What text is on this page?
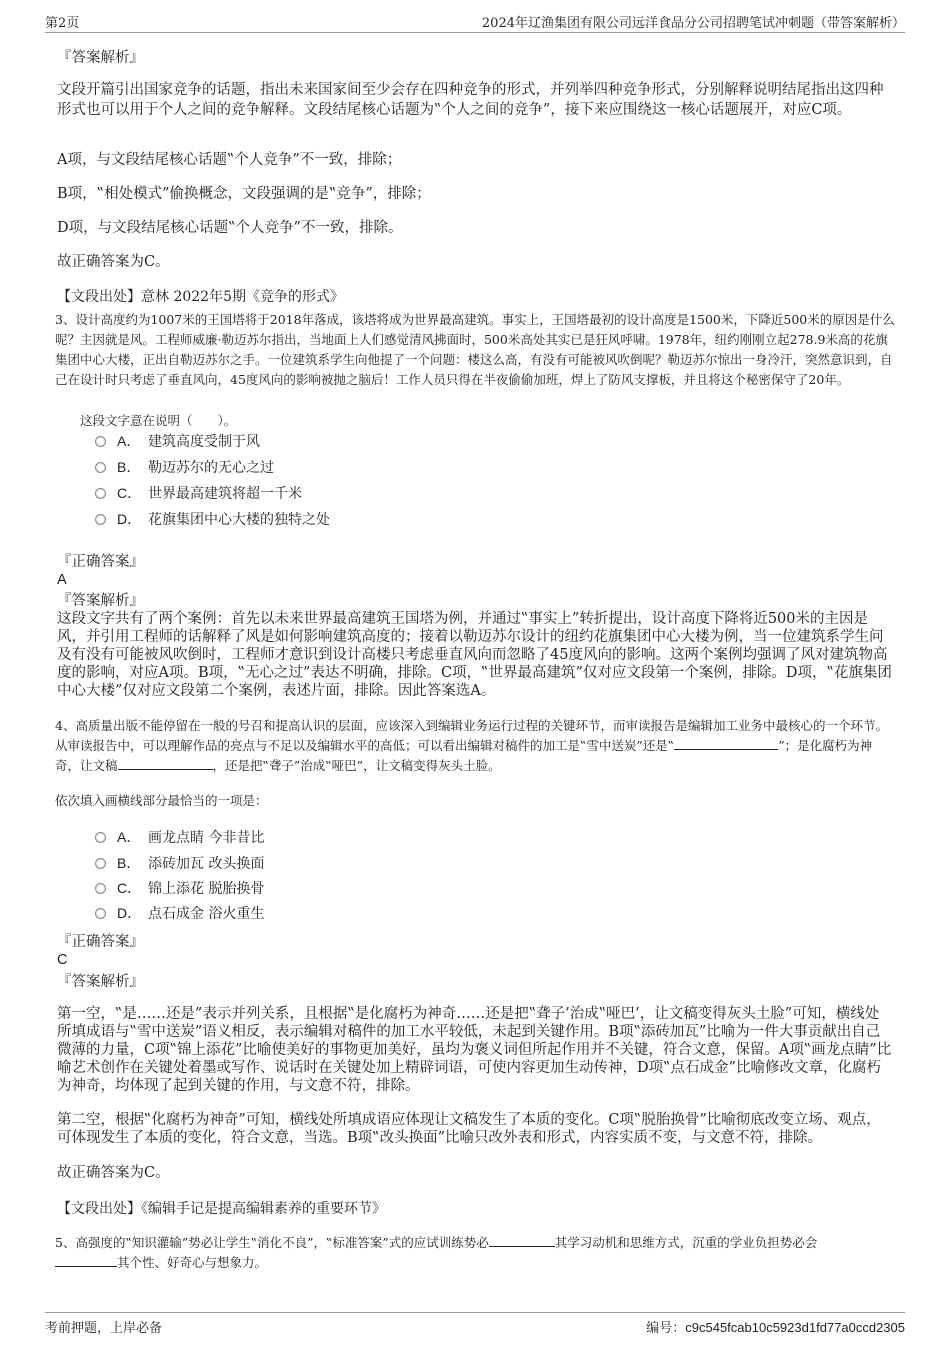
第2页	2024年辽渔集团有限公司远洋食品分公司招聘笔试冲刺题（带答案解析）
『答案解析』
文段开篇引出国家竞争的话题，指出未来国家间至少会存在四种竞争的形式，并列举四种竞争形式，分别解释说明结尾指出这四种形式也可以用于个人之间的竞争解释。文段结尾核心话题为‟个人之间的竞争”，接下来应围绕这一核心话题展开，对应C项。
A项，与文段结尾核心话题‟个人竞争”不一致，排除；
B项，‟相处模式”偷换概念，文段强调的是‟竞争”，排除；
D项，与文段结尾核心话题‟个人竞争”不一致，排除。
故正确答案为C。
【文段出处】意林 2022年5期《竞争的形式》
3、设计高度约为1007米的王国塔将于2018年落成，该塔将成为世界最高建筑。事实上，王国塔最初的设计高度是1500米，下降近500米的原因是什么呢？主因就是风。工程师威廉·勒迈苏尔指出，当地面上人们感觉清风拂面时，500米高处其实已是狂风呼啸。1978年，纽约刚刚立起278.9米高的花旗集团中心大楼，正出自勒迈苏尔之手。一位建筑系学生向他提了一个问题：楼这么高，有没有可能被风吹倒呢？勒迈苏尔惊出一身冷汗，突然意识到，自己在设计时只考虑了垂直风向，45度风向的影响被抛之脑后！工作人员只得在半夜偷偷加班，焊上了防风支撑板，并且将这个秘密保守了20年。
这段文字意在说明（　　）。
A． 建筑高度受制于风
B． 勒迈苏尔的无心之过
C． 世界最高建筑将超一千米
D． 花旗集团中心大楼的独特之处
『正确答案』
A
『答案解析』
这段文字共有了两个案例：首先以未来世界最高建筑王国塔为例，并通过‟事实上”转折提出，设计高度下降将近500米的主因是风，并引用工程师的话解释了风是如何影响建筑高度的；接着以勒迈苏尔设计的纽约花旗集团中心大楼为例，当一位建筑系学生问及有没有可能被风吹倒时，工程师才意识到设计高楼只考虑垂直风向而忽略了45度风向的影响。这两个案例均强调了风对建筑物高度的影响，对应A项。B项，‟无心之过”表达不明确，排除。C项，‟世界最高建筑”仅对应文段第一个案例，排除。D项，‟花旗集团中心大楼”仅对应文段第二个案例，表述片面，排除。因此答案选A。
4、高质量出版不能停留在一般的号召和提高认识的层面，应该深入到编辑业务运行过程的关键环节，而审读报告是编辑加工业务中最核心的一个环节。从审读报告中，可以理解作品的亮点与不足以及编辑水平的高低；可以看出编辑对稿件的加工是‟雪中送炭”还是‟	”；是化腐朽为神奇，让文稿	，还是把‟聋子”治成‟哑巴”，让文稿变得灰头土脸。
依次填入画横线部分最恰当的一项是：
A． 画龙点睛 今非昔比
B． 添砖加瓦 改头换面
C． 锦上添花 脱胎换骨
D． 点石成金 浴火重生
『正确答案』
C
『答案解析』
第一空，‟是……还是”表示并列关系，且根据‟是化腐朽为神奇……还是把‟聋子’治成‟哑巴’，让文稿变得灰头土脸”可知，横线处所填成语与‟雪中送炭”语义相反，表示编辑对稿件的加工水平较低，未起到关键作用。B项‟添砖加瓦”比喻为一件大事贡献出自己微薄的力量，C项‟锦上添花”比喻使美好的事物更加美好，虽均为褒义词但所起作用并不关键，符合文意，保留。A项‟画龙点睛”比喻艺术创作在关键处着墨或写作、说话时在关键处加上精辟词语，可使内容更加生动传神，D项‟点石成金”比喻修改文章，化腐朽为神奇，均体现了起到关键的作用，与文意不符，排除。
第二空，根据‟化腐朽为神奇”可知，横线处所填成语应体现让文稿发生了本质的变化。C项‟脱胎换骨”比喻彻底改变立场、观点，可体现发生了本质的变化，符合文意，当选。B项‟改头换面”比喻只改外表和形式，内容实质不变，与文意不符，排除。
故正确答案为C。
【文段出处】《编辑手记是提高编辑素养的重要环节》
5、高强度的‟知识灌输”势必让学生‟消化不良”，‟标准答案”式的应试训练势必	其学习动机和思维方式，沉重的学业负担势必会
其个性、好奇心与想象力。
考前押题，上岸必备	编号：c9c545fcab10c5923d1fd77a0ccd2305
